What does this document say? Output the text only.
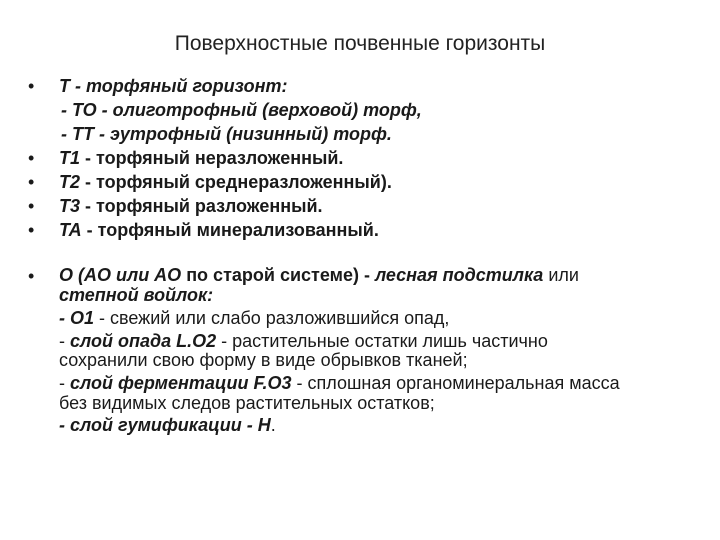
Поверхностные почвенные горизонты
•	T - торфяный горизонт:
- TO - олиготрофный (верховой) торф,
- TT - эутрофный (низинный) торф.
•	T1 - торфяный неразложенный.
•	T2 - торфяный среднеразложенный).
•	T3 - торфяный разложенный.
•	TA - торфяный минерализованный.
•	O (AO или AO по старой системе) - лесная подстилка или
степной войлок:
- O1 - свежий или слабо разложившийся опад,
- слой опада L.O2 - растительные остатки лишь частично
сохранили свою форму в виде обрывков тканей;
- слой ферментации F.O3 - сплошная органоминеральная масса
без видимых следов растительных остатков;
- слой гумификации - H.
